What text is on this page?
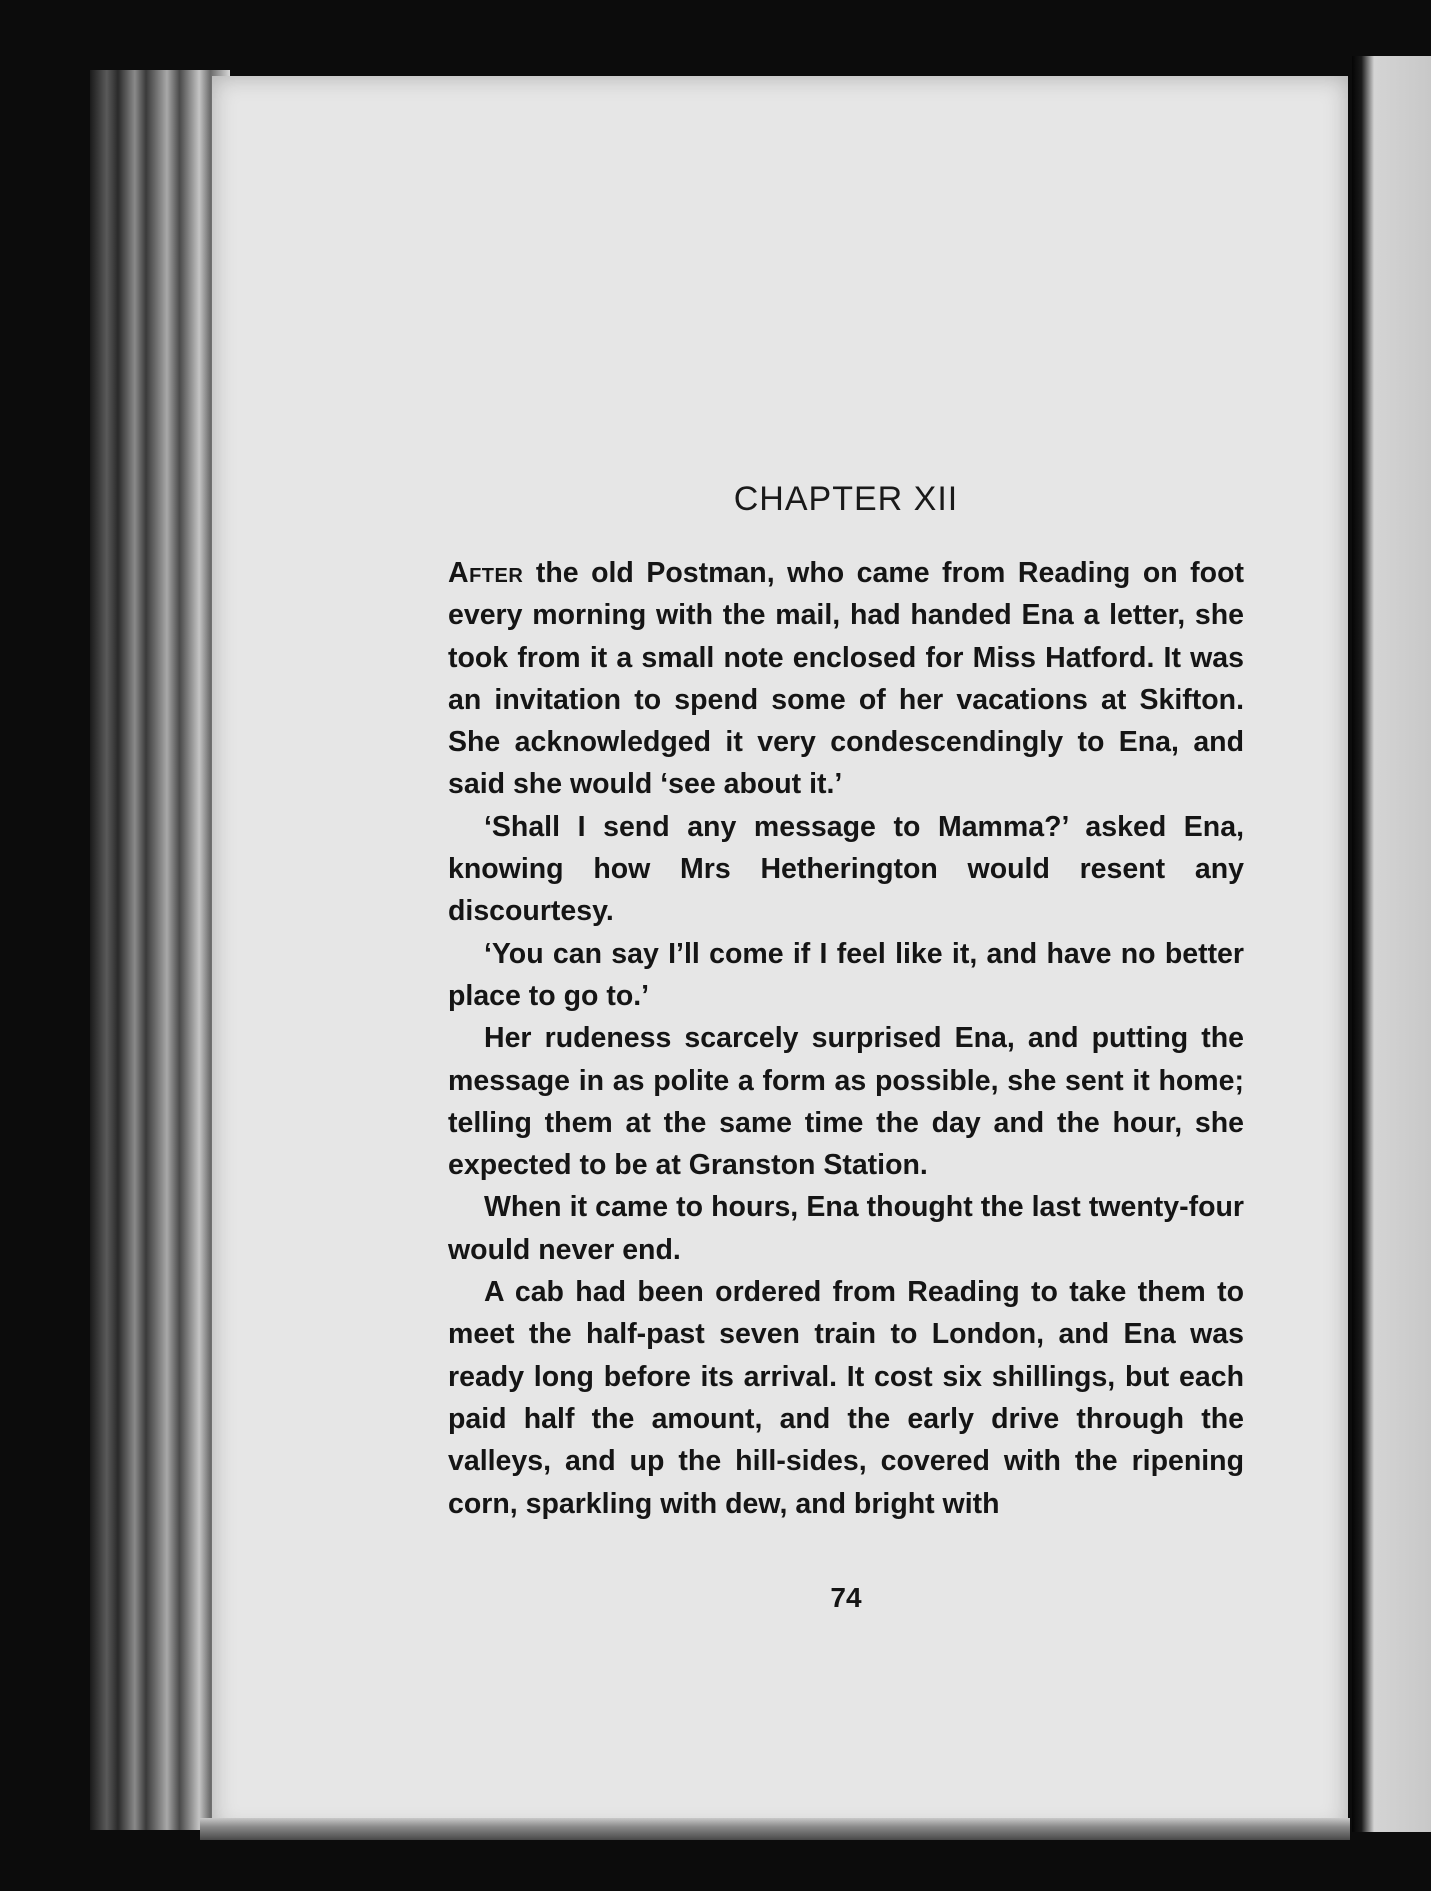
CHAPTER XII

After the old Postman, who came from Reading on foot every morning with the mail, had handed Ena a letter, she took from it a small note enclosed for Miss Hatford. It was an invitation to spend some of her vacations at Skifton. She acknowledged it very condescendingly to Ena, and said she would ‘see about it.’

‘Shall I send any message to Mamma?’ asked Ena, knowing how Mrs Hetherington would resent any discourtesy.

‘You can say I’ll come if I feel like it, and have no better place to go to.’

Her rudeness scarcely surprised Ena, and putting the message in as polite a form as possible, she sent it home; telling them at the same time the day and the hour, she expected to be at Granston Station.

When it came to hours, Ena thought the last twenty-four would never end.

A cab had been ordered from Reading to take them to meet the half-past seven train to London, and Ena was ready long before its arrival. It cost six shillings, but each paid half the amount, and the early drive through the valleys, and up the hill-sides, covered with the ripening corn, sparkling with dew, and bright with

74
